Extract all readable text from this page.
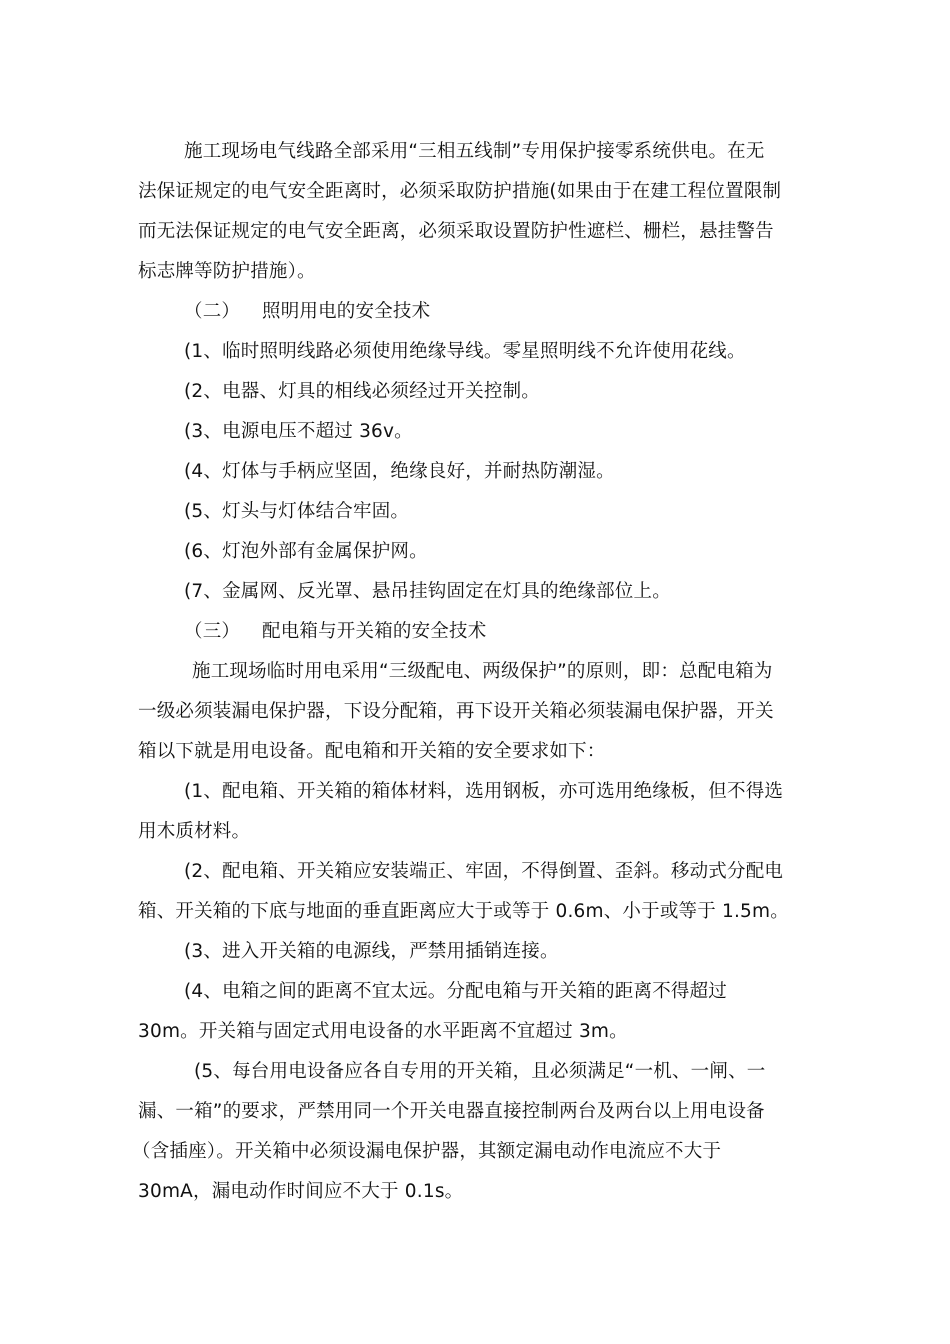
施工现场电气线路全部采用“三相五线制”专用保护接零系统供电。在无
法保证规定的电气安全距离时，必须采取防护措施(如果由于在建工程位置限制
而无法保证规定的电气安全距离，必须采取设置防护性遮栏、栅栏，悬挂警告
标志牌等防护措施）。
（二） 照明用电的安全技术
(1、临时照明线路必须使用绝缘导线。零星照明线不允许使用花线。
(2、电器、灯具的相线必须经过开关控制。
(3、电源电压不超过 36v。
(4、灯体与手柄应坚固，绝缘良好，并耐热防潮湿。
(5、灯头与灯体结合牢固。
(6、灯泡外部有金属保护网。
(7、金属网、反光罩、悬吊挂钩固定在灯具的绝缘部位上。
（三） 配电箱与开关箱的安全技术
施工现场临时用电采用“三级配电、两级保护”的原则，即：总配电箱为
一级必须装漏电保护器，下设分配箱，再下设开关箱必须装漏电保护器，开关
箱以下就是用电设备。配电箱和开关箱的安全要求如下：
(1、配电箱、开关箱的箱体材料，选用钢板，亦可选用绝缘板，但不得选
用木质材料。
(2、配电箱、开关箱应安装端正、牢固，不得倒置、歪斜。移动式分配电
箱、开关箱的下底与地面的垂直距离应大于或等于 0.6m、小于或等于 1.5m。
(3、进入开关箱的电源线，严禁用插销连接。
(4、电箱之间的距离不宜太远。分配电箱与开关箱的距离不得超过
30m。开关箱与固定式用电设备的水平距离不宜超过 3m。
(5、每台用电设备应各自专用的开关箱，且必须满足“一机、一闸、一
漏、一箱”的要求，严禁用同一个开关电器直接控制两台及两台以上用电设备
（含插座）。开关箱中必须设漏电保护器，其额定漏电动作电流应不大于
30mA，漏电动作时间应不大于 0.1s。
